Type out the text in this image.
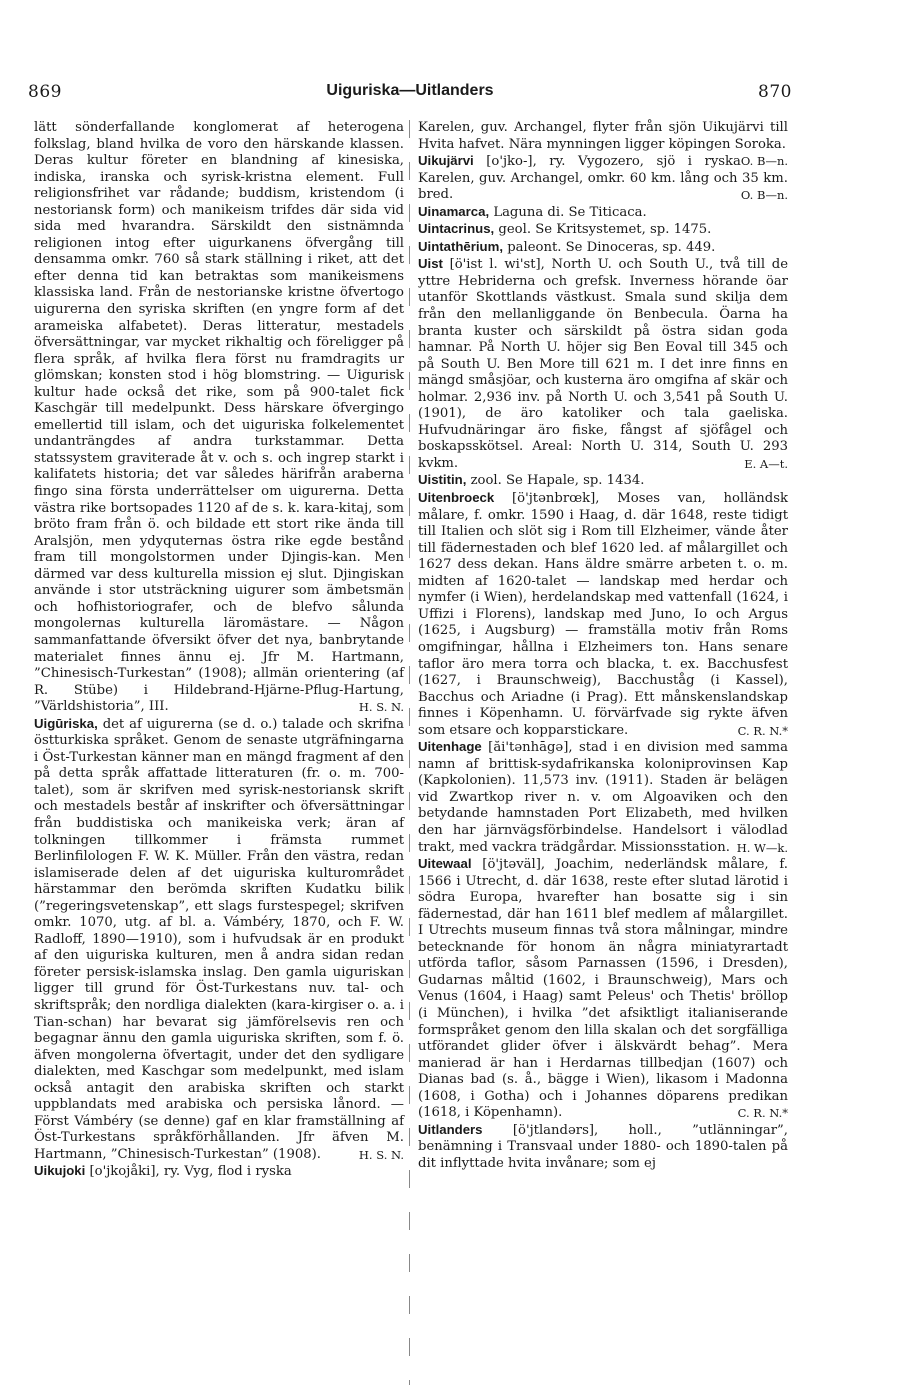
869	Uiguriska—Uitlanders	870

lätt sönderfallande konglomerat af heterogena folkslag, bland hvilka de voro den härskande klassen. Deras kultur företer en blandning af kinesiska, indiska, iranska och syrisk-kristna element. Full religionsfrihet var rådande; buddism, kristendom (i nestoriansk form) och manikeism trifdes där sida vid sida med hvarandra. Särskildt den sistnämnda religionen intog efter uigurkanens öfvergång till densamma omkr. 760 så stark ställning i riket, att det efter denna tid kan betraktas som manikeismens klassiska land. Från de nestorianske kristne öfvertogo uigurerna den syriska skriften (en yngre form af det arameiska alfabetet). Deras litteratur, mestadels öfversättningar, var mycket rikhaltig och föreligger på flera språk, af hvilka flera först nu framdragits ur glömskan; konsten stod i hög blomstring. — Uigurisk kultur hade också det rike, som på 900-talet fick Kaschgär till medelpunkt. Dess härskare öfvergingo emellertid till islam, och det uiguriska folkelementet undanträngdes af andra turkstammar. Detta statssystem graviterade åt v. och s. och ingrep starkt i kalifatets historia; det var således härifrån araberna fingo sina första underrättelser om uigurerna. Detta västra rike bortsopades 1120 af de s. k. kara-kitaj, som bröto fram från ö. och bildade ett stort rike ända till Aralsjön, men ydyquternas östra rike egde bestånd fram till mongolstormen under Djingis-kan. Men därmed var dess kulturella mission ej slut. Djingiskan använde i stor utsträckning uigurer som ämbetsmän och hofhistoriografer, och de blefvo sålunda mongolernas kulturella läromästare. — Någon sammanfattande öfversikt öfver det nya, banbrytande materialet finnes ännu ej. Jfr M. Hartmann, ”Chinesisch-Turkestan” (1908); allmän orientering (af R. Stübe) i Hildebrand-Hjärne-Pflug-Hartung, ”Världshistoria”, III.	H. S. N.

Uigūriska, det af uigurerna (se d. o.) talade och skrifna östturkiska språket. Genom de senaste utgräfningarna i Öst-Turkestan känner man en mängd fragment af den på detta språk affattade litteraturen (fr. o. m. 700-talet), som är skrifven med syrisk-nestoriansk skrift och mestadels består af inskrifter och öfversättningar från buddistiska och manikeiska verk; äran af tolkningen tillkommer i främsta rummet Berlinfilologen F. W. K. Müller. Från den västra, redan islamiserade delen af det uiguriska kulturområdet härstammar den berömda skriften Kudatku bilik (”regeringsvetenskap”, ett slags furstespegel; skrifven omkr. 1070, utg. af bl. a. Vámbéry, 1870, och F. W. Radloff, 1890—1910), som i hufvudsak är en produkt af den uiguriska kulturen, men å andra sidan redan företer persisk-islamska inslag. Den gamla uiguriskan ligger till grund för Öst-Turkestans nuv. tal- och skriftspråk; den nordliga dialekten (kara-kirgiser o. a. i Tian-schan) har bevarat sig jämförelsevis ren och begagnar ännu den gamla uiguriska skriften, som f. ö. äfven mongolerna öfvertagit, under det den sydligare dialekten, med Kaschgar som medelpunkt, med islam också antagit den arabiska skriften och starkt uppblandats med arabiska och persiska lånord. — Först Vámbéry (se denne) gaf en klar framställning af Öst-Turkestans språkförhållanden. Jfr äfven M. Hartmann, ”Chinesisch-Turkestan” (1908).	H. S. N.

Uikujoki [o'jkojåki], ry. Vyg, flod i ryska

Karelen, guv. Archangel, flyter från sjön Uikujärvi till Hvita hafvet. Nära mynningen ligger köpingen Soroka.
O. B—n.

Uikujärvi [o'jko-], ry. Vygozero, sjö i ryska Karelen, guv. Archangel, omkr. 60 km. lång och 35 km. bred.	O. B—n.

Uinamarca, Laguna di. Se Titicaca.

Uintacrinus, geol. Se Kritsystemet, sp. 1475.

Uintathērium, paleont. Se Dinoceras, sp. 449.

Uist [ö'ist l. wi'st], North U. och South U., två till de yttre Hebriderna och grefsk. Inverness hörande öar utanför Skottlands västkust. Smala sund skilja dem från den mellanliggande ön Benbecula. Öarna ha branta kuster och särskildt på östra sidan goda hamnar. På North U. höjer sig Ben Eoval till 345 och på South U. Ben More till 621 m. I det inre finns en mängd småsjöar, och kusterna äro omgifna af skär och holmar. 2,936 inv. på North U. och 3,541 på South U. (1901), de äro katoliker och tala gaeliska. Hufvudnäringar äro fiske, fångst af sjöfågel och boskapsskötsel. Areal: North U. 314, South U. 293 kvkm.	E. A—t.

Uistitin, zool. Se Hapale, sp. 1434.

Uitenbroeck [ö'jtənbrœk], Moses van, holländsk målare, f. omkr. 1590 i Haag, d. där 1648, reste tidigt till Italien och slöt sig i Rom till Elzheimer, vände åter till fädernestaden och blef 1620 led. af målargillet och 1627 dess dekan. Hans äldre smärre arbeten t. o. m. midten af 1620-talet — landskap med herdar och nymfer (i Wien), herdelandskap med vattenfall (1624, i Uffizi i Florens), landskap med Juno, Io och Argus (1625, i Augsburg) — framställa motiv från Roms omgifningar, hållna i Elzheimers ton. Hans senare taflor äro mera torra och blacka, t. ex. Bacchusfest (1627, i Braunschweig), Bacchuståg (i Kassel), Bacchus och Ariadne (i Prag). Ett månskenslandskap finnes i Köpenhamn. U. förvärfvade sig rykte äfven som etsare och kopparstickare.	C. R. N.*

Uitenhage [ăi'tənhāgə], stad i en division med samma namn af brittisk-sydafrikanska koloniprovinsen Kap (Kapkolonien). 11,573 inv. (1911). Staden är belägen vid Zwartkop river n. v. om Algoaviken och den betydande hamnstaden Port Elizabeth, med hvilken den har järnvägsförbindelse. Handelsort i välodlad trakt, med vackra trädgårdar. Missionsstation. H. W—k.

Uitewaal [ö'jtəväl], Joachim, nederländsk målare, f. 1566 i Utrecht, d. där 1638, reste efter slutad lärotid i södra Europa, hvarefter han bosatte sig i sin fädernestad, där han 1611 blef medlem af målargillet. I Utrechts museum finnas två stora målningar, mindre betecknande för honom än några miniatyrartadt utförda taflor, såsom Parnassen (1596, i Dresden), Gudarnas måltid (1602, i Braunschweig), Mars och Venus (1604, i Haag) samt Peleus' och Thetis' bröllop (i München), i hvilka ”det afsiktligt italianiserande formspråket genom den lilla skalan och det sorgfälliga utförandet glider öfver i älskvärdt behag”. Mera manierad är han i Herdarnas tillbedjan (1607) och Dianas bad (s. å., bägge i Wien), likasom i Madonna (1608, i Gotha) och i Johannes döparens predikan (1618, i Köpenhamn).	C. R. N.*

Uitlanders [ö'jtlandərs], holl., ”utlänningar”, benämning i Transvaal under 1880- och 1890-talen på dit inflyttade hvita invånare; som ej
